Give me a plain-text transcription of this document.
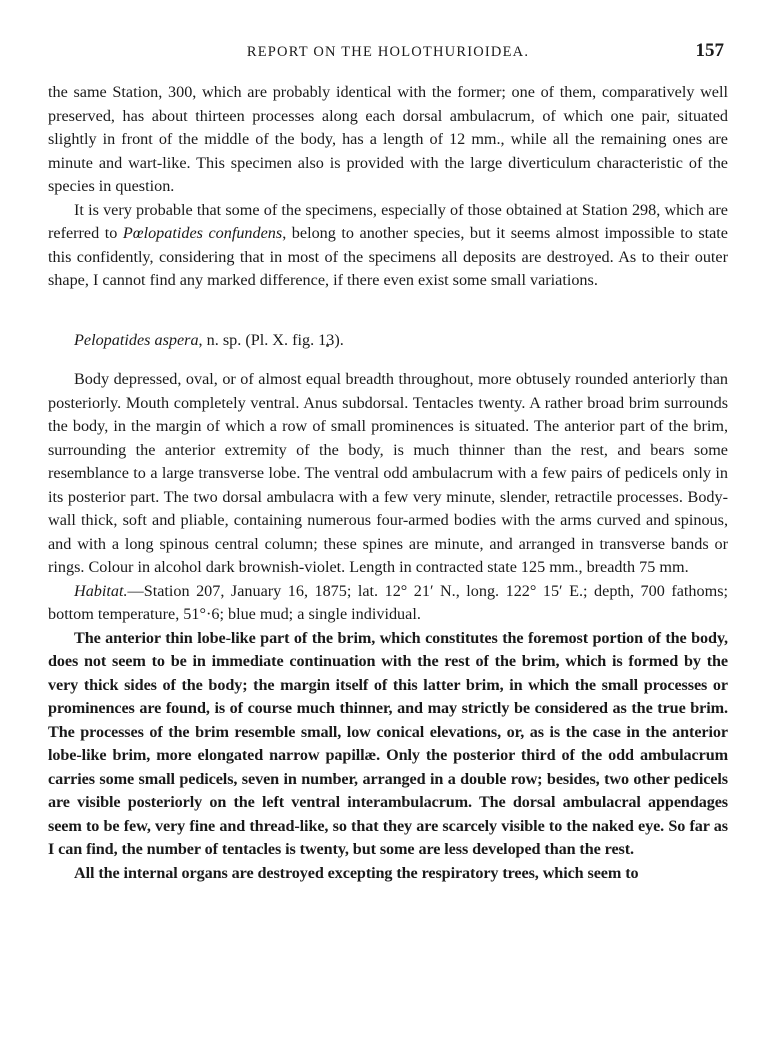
REPORT ON THE HOLOTHURIOIDEA.	157

the same Station, 300, which are probably identical with the former; one of them, comparatively well preserved, has about thirteen processes along each dorsal ambulacrum, of which one pair, situated slightly in front of the middle of the body, has a length of 12 mm., while all the remaining ones are minute and wart-like. This specimen also is provided with the large diverticulum characteristic of the species in question.

It is very probable that some of the specimens, especially of those obtained at Station 298, which are referred to Pœlopatides confundens, belong to another species, but it seems almost impossible to state this confidently, considering that in most of the specimens all deposits are destroyed. As to their outer shape, I cannot find any marked difference, if there even exist some small variations.

Pelopatides aspera, n. sp. (Pl. X. fig. 13).

Body depressed, oval, or of almost equal breadth throughout, more obtusely rounded anteriorly than posteriorly. Mouth completely ventral. Anus subdorsal. Tentacles twenty. A rather broad brim surrounds the body, in the margin of which a row of small prominences is situated. The anterior part of the brim, surrounding the anterior extremity of the body, is much thinner than the rest, and bears some resemblance to a large transverse lobe. The ventral odd ambulacrum with a few pairs of pedicels only in its posterior part. The two dorsal ambulacra with a few very minute, slender, retractile processes. Body-wall thick, soft and pliable, containing numerous four-armed bodies with the arms curved and spinous, and with a long spinous central column; these spines are minute, and arranged in transverse bands or rings. Colour in alcohol dark brownish-violet. Length in contracted state 125 mm., breadth 75 mm.

Habitat.—Station 207, January 16, 1875; lat. 12° 21′ N., long. 122° 15′ E.; depth, 700 fathoms; bottom temperature, 51°·6; blue mud; a single individual.

The anterior thin lobe-like part of the brim, which constitutes the foremost portion of the body, does not seem to be in immediate continuation with the rest of the brim, which is formed by the very thick sides of the body; the margin itself of this latter brim, in which the small processes or prominences are found, is of course much thinner, and may strictly be considered as the true brim. The processes of the brim resemble small, low conical elevations, or, as is the case in the anterior lobe-like brim, more elongated narrow papillæ. Only the posterior third of the odd ambulacrum carries some small pedicels, seven in number, arranged in a double row; besides, two other pedicels are visible posteriorly on the left ventral interambulacrum. The dorsal ambulacral appendages seem to be few, very fine and thread-like, so that they are scarcely visible to the naked eye. So far as I can find, the number of tentacles is twenty, but some are less developed than the rest.

All the internal organs are destroyed excepting the respiratory trees, which seem to
